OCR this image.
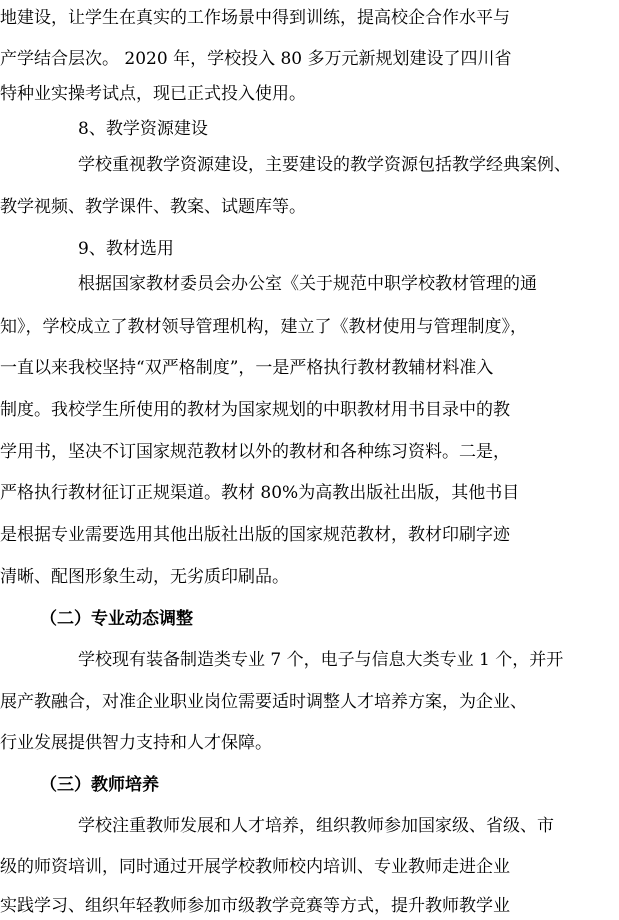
地建设，让学生在真实的工作场景中得到训练，提高校企合作水平与
产学结合层次。 2020 年，学校投入 80 多万元新规划建设了四川省
特种业实操考试点，现已正式投入使用。
8、教学资源建设
学校重视教学资源建设，主要建设的教学资源包括教学经典案例、
教学视频、教学课件、教案、试题库等。
9、教材选用
根据国家教材委员会办公室《关于规范中职学校教材管理的通
知》，学校成立了教材领导管理机构，建立了《教材使用与管理制度》，
一直以来我校坚持“双严格制度”，一是严格执行教材教辅材料准入
制度。我校学生所使用的教材为国家规划的中职教材用书目录中的教
学用书，坚决不订国家规范教材以外的教材和各种练习资料。二是，
严格执行教材征订正规渠道。教材 80%为高教出版社出版，其他书目
是根据专业需要选用其他出版社出版的国家规范教材，教材印刷字迹
清晰、配图形象生动，无劣质印刷品。
（二）专业动态调整
学校现有装备制造类专业 7 个，电子与信息大类专业 1 个，并开
展产教融合，对准企业职业岗位需要适时调整人才培养方案，为企业、
行业发展提供智力支持和人才保障。
（三）教师培养
学校注重教师发展和人才培养，组织教师参加国家级、省级、市
级的师资培训，同时通过开展学校教师校内培训、专业教师走进企业
实践学习、组织年轻教师参加市级教学竞赛等方式，提升教师教学业
